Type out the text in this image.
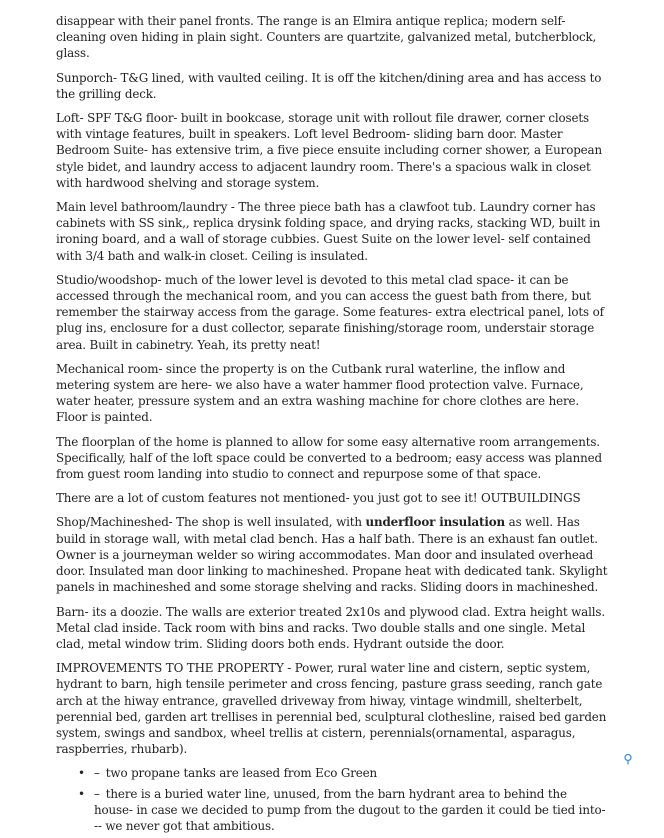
disappear with their panel fronts. The range is an Elmira antique replica; modern self-cleaning oven hiding in plain sight. Counters are quartzite, galvanized metal, butcherblock, glass.

Sunporch- T&G lined, with vaulted ceiling. It is off the kitchen/dining area and has access to the grilling deck.

Loft- SPF T&G floor- built in bookcase, storage unit with rollout file drawer, corner closets with vintage features, built in speakers. Loft level Bedroom- sliding barn door. Master Bedroom Suite- has extensive trim, a five piece ensuite including corner shower, a European style bidet, and laundry access to adjacent laundry room. There's a spacious walk in closet with hardwood shelving and storage system.

Main level bathroom/laundry - The three piece bath has a clawfoot tub. Laundry corner has cabinets with SS sink,, replica drysink folding space, and drying racks, stacking WD, built in ironing board, and a wall of storage cubbies. Guest Suite on the lower level- self contained with 3/4 bath and walk-in closet. Ceiling is insulated.

Studio/woodshop- much of the lower level is devoted to this metal clad space- it can be accessed through the mechanical room, and you can access the guest bath from there, but remember the stairway access from the garage. Some features- extra electrical panel, lots of plug ins, enclosure for a dust collector, separate finishing/storage room, understair storage area. Built in cabinetry. Yeah, its pretty neat!

Mechanical room- since the property is on the Cutbank rural waterline, the inflow and metering system are here- we also have a water hammer flood protection valve. Furnace, water heater, pressure system and an extra washing machine for chore clothes are here. Floor is painted.

The floorplan of the home is planned to allow for some easy alternative room arrangements. Specifically, half of the loft space could be converted to a bedroom; easy access was planned from guest room landing into studio to connect and repurpose some of that space.

There are a lot of custom features not mentioned- you just got to see it! OUTBUILDINGS

Shop/Machineshed- The shop is well insulated, with underfloor insulation as well. Has build in storage wall, with metal clad bench. Has a half bath. There is an exhaust fan outlet. Owner is a journeyman welder so wiring accommodates. Man door and insulated overhead door. Insulated man door linking to machineshed. Propane heat with dedicated tank. Skylight panels in machineshed and some storage shelving and racks. Sliding doors in machineshed.

Barn- its a doozie. The walls are exterior treated 2x10s and plywood clad. Extra height walls. Metal clad inside. Tack room with bins and racks. Two double stalls and one single. Metal clad, metal window trim. Sliding doors both ends. Hydrant outside the door.

IMPROVEMENTS TO THE PROPERTY - Power, rural water line and cistern, septic system, hydrant to barn, high tensile perimeter and cross fencing, pasture grass seeding, ranch gate arch at the hiway entrance, gravelled driveway from hiway, vintage windmill, shelterbelt, perennial bed, garden art trellises in perennial bed, sculptural clothesline, raised bed garden system, swings and sandbox, wheel trellis at cistern, perennials(ornamental, asparagus, raspberries, rhubarb).

• – two propane tanks are leased from Eco Green
• – there is a buried water line, unused, from the barn hydrant area to behind the house- in case we decided to pump from the dugout to the garden it could be tied into--- we never got that ambitious.
